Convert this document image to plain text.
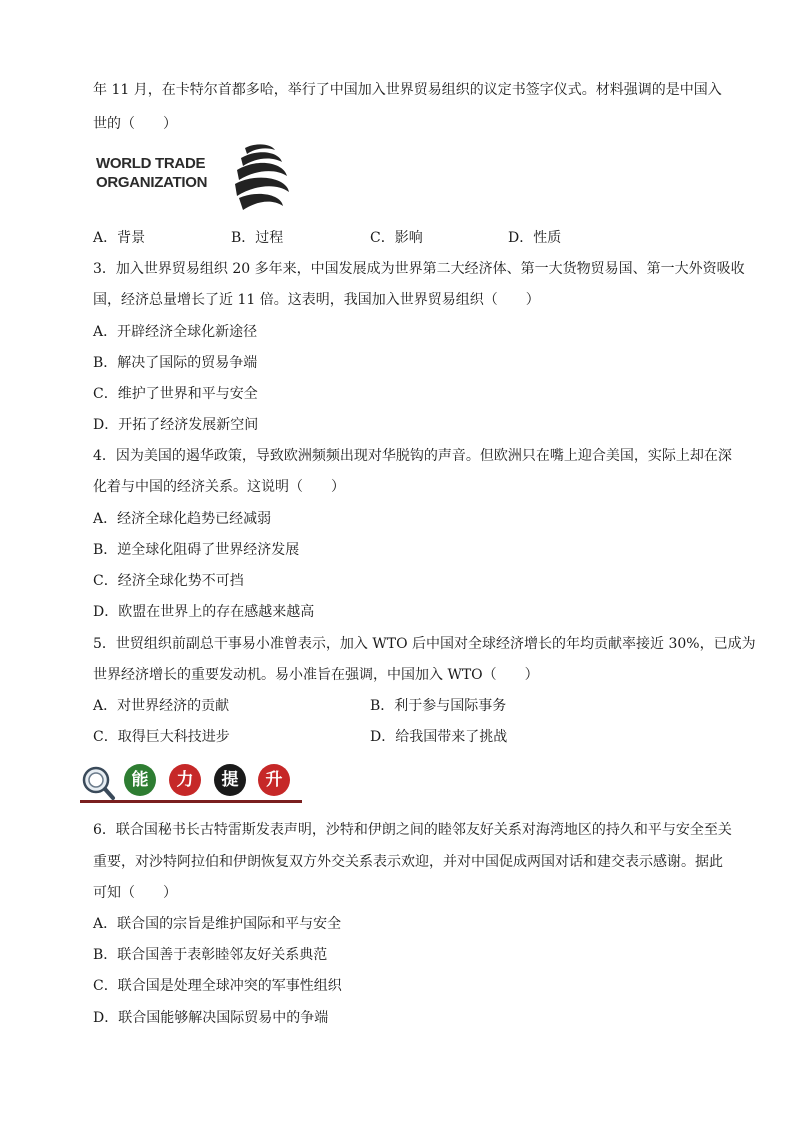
年 11 月，在卡特尔首都多哈，举行了中国加入世界贸易组织的议定书签字仪式。材料强调的是中国入
世的（　　）
WORLD TRADE
ORGANIZATION
A．背景	B．过程	C．影响	D．性质
3．加入世界贸易组织 20 多年来，中国发展成为世界第二大经济体、第一大货物贸易国、第一大外资吸收
国，经济总量增长了近 11 倍。这表明，我国加入世界贸易组织（　　）
A．开辟经济全球化新途径
B．解决了国际的贸易争端
C．维护了世界和平与安全
D．开拓了经济发展新空间
4．因为美国的遏华政策，导致欧洲频频出现对华脱钩的声音。但欧洲只在嘴上迎合美国，实际上却在深
化着与中国的经济关系。这说明（　　）
A．经济全球化趋势已经减弱
B．逆全球化阻碍了世界经济发展
C．经济全球化势不可挡
D．欧盟在世界上的存在感越来越高
5．世贸组织前副总干事易小准曾表示，加入 WTO 后中国对全球经济增长的年均贡献率接近 30%，已成为
世界经济增长的重要发动机。易小准旨在强调，中国加入 WTO（　　）
A．对世界经济的贡献	B．利于参与国际事务
C．取得巨大科技进步	D．给我国带来了挑战
能	力	提	升
6．联合国秘书长古特雷斯发表声明，沙特和伊朗之间的睦邻友好关系对海湾地区的持久和平与安全至关
重要，对沙特阿拉伯和伊朗恢复双方外交关系表示欢迎，并对中国促成两国对话和建交表示感谢。据此
可知（　　）
A．联合国的宗旨是维护国际和平与安全
B．联合国善于表彰睦邻友好关系典范
C．联合国是处理全球冲突的军事性组织
D．联合国能够解决国际贸易中的争端
